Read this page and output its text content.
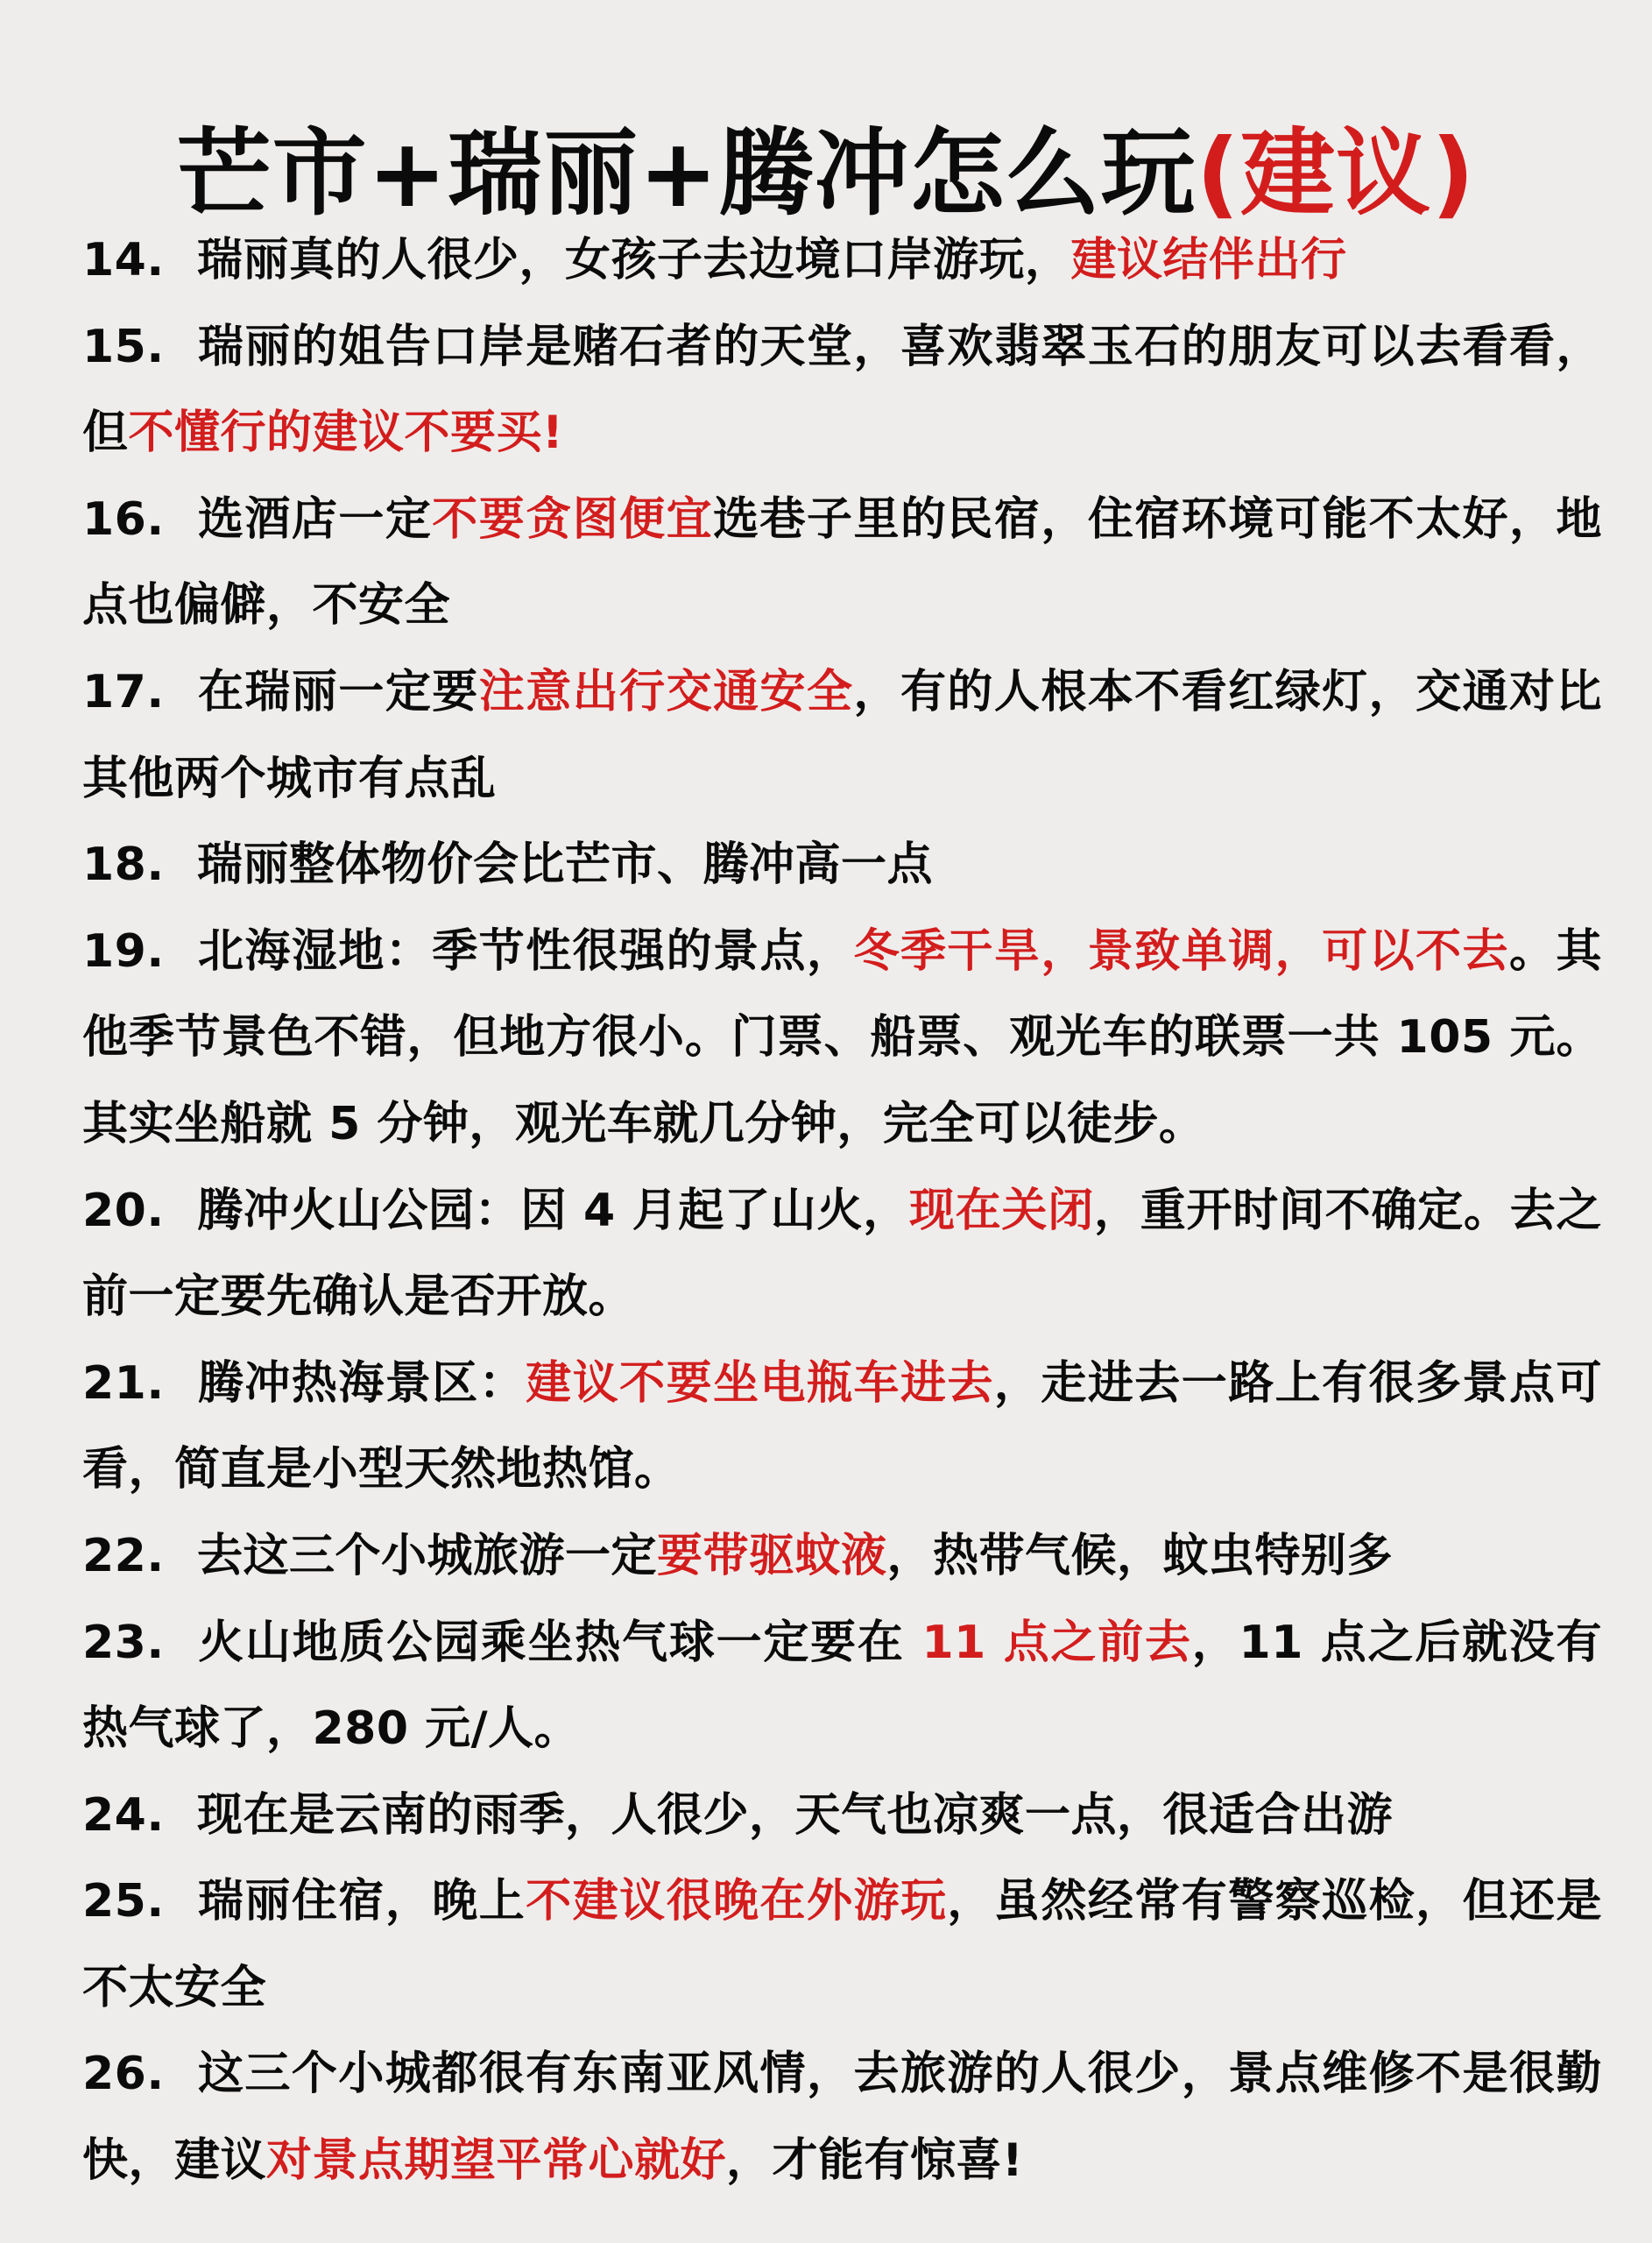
芒市+瑞丽+腾冲怎么玩(建议)

14. 瑞丽真的人很少，女孩子去边境口岸游玩，建议结伴出行

15. 瑞丽的姐告口岸是赌石者的天堂，喜欢翡翠玉石的朋友可以去看看，但不懂行的建议不要买!

16. 选酒店一定不要贪图便宜选巷子里的民宿，住宿环境可能不太好，地点也偏僻，不安全

17. 在瑞丽一定要注意出行交通安全，有的人根本不看红绿灯，交通对比其他两个城市有点乱

18. 瑞丽整体物价会比芒市、腾冲高一点

19. 北海湿地：季节性很强的景点，冬季干旱，景致单调，可以不去。其他季节景色不错，但地方很小。门票、船票、观光车的联票一共 105 元。其实坐船就 5 分钟，观光车就几分钟，完全可以徒步。

20. 腾冲火山公园：因 4 月起了山火，现在关闭，重开时间不确定。去之前一定要先确认是否开放。

21. 腾冲热海景区：建议不要坐电瓶车进去，走进去一路上有很多景点可看，简直是小型天然地热馆。

22. 去这三个小城旅游一定要带驱蚊液，热带气候，蚊虫特别多

23. 火山地质公园乘坐热气球一定要在 11 点之前去，11 点之后就没有热气球了，280 元/人。

24. 现在是云南的雨季，人很少，天气也凉爽一点，很适合出游

25. 瑞丽住宿，晚上不建议很晚在外游玩，虽然经常有警察巡检，但还是不太安全

26. 这三个小城都很有东南亚风情，去旅游的人很少，景点维修不是很勤快，建议对景点期望平常心就好，才能有惊喜!
